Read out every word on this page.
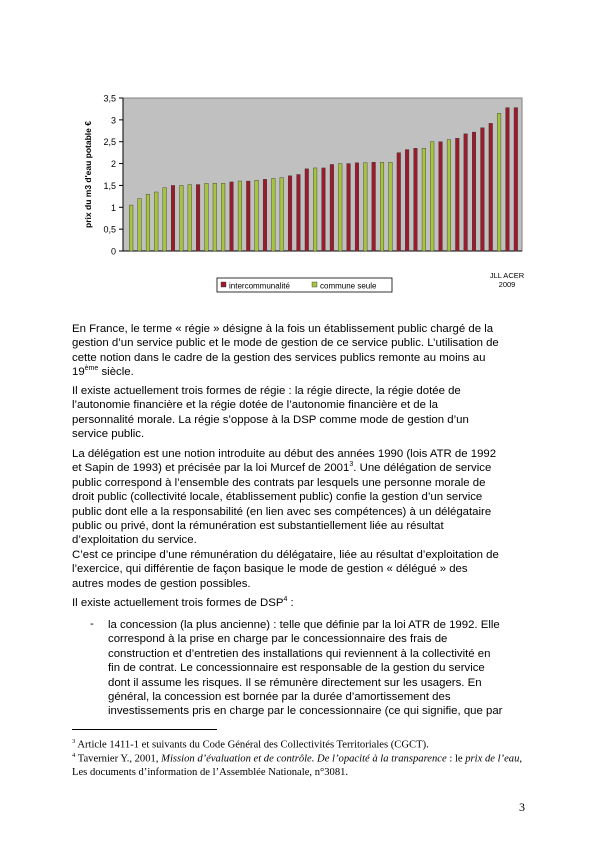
0
0,5
1
1,5
2
2,5
3
3,5
prix du m3 d'eau potable €
intercommunalité	commune seule
JLL ACER
2009

En France, le terme « régie » désigne à la fois un établissement public chargé de la
gestion d’un service public et le mode de gestion de ce service public. L’utilisation de
cette notion dans le cadre de la gestion des services publics remonte au moins au
19ème siècle.

Il existe actuellement trois formes de régie : la régie directe, la régie dotée de
l’autonomie financière et la régie dotée de l’autonomie financière et de la
personnalité morale. La régie s’oppose à la DSP comme mode de gestion d’un
service public.

La délégation est une notion introduite au début des années 1990 (lois ATR de 1992
et Sapin de 1993) et précisée par la loi Murcef de 2001$^3$. Une délégation de service
public correspond à l’ensemble des contrats par lesquels une personne morale de
droit public (collectivité locale, établissement public) confie la gestion d’un service
public dont elle a la responsabilité (en lien avec ses compétences) à un délégataire
public ou privé, dont la rémunération est substantiellement liée au résultat
d’exploitation du service.

C’est ce principe d’une rémunération du délégataire, liée au résultat d’exploitation de
l’exercice, qui différentie de façon basique le mode de gestion « délégué » des
autres modes de gestion possibles.

Il existe actuellement trois formes de DSP$^4$ :

- la concession (la plus ancienne) : telle que définie par la loi ATR de 1992. Elle
correspond à la prise en charge par le concessionnaire des frais de
construction et d’entretien des installations qui reviennent à la collectivité en
fin de contrat. Le concessionnaire est responsable de la gestion du service
dont il assume les risques. Il se rémunère directement sur les usagers. En
général, la concession est bornée par la durée d’amortissement des
investissements pris en charge par le concessionnaire (ce qui signifie, que par

$^3$ Article 1411-1 et suivants du Code Général des Collectivités Territoriales (CGCT).

$^4$ Tavernier Y., 2001, Mission d’évaluation et de contrôle. De l’opacité à la transparence : le prix de l’eau, Les documents d’information de l’Assemblée Nationale, n°3081.

3
